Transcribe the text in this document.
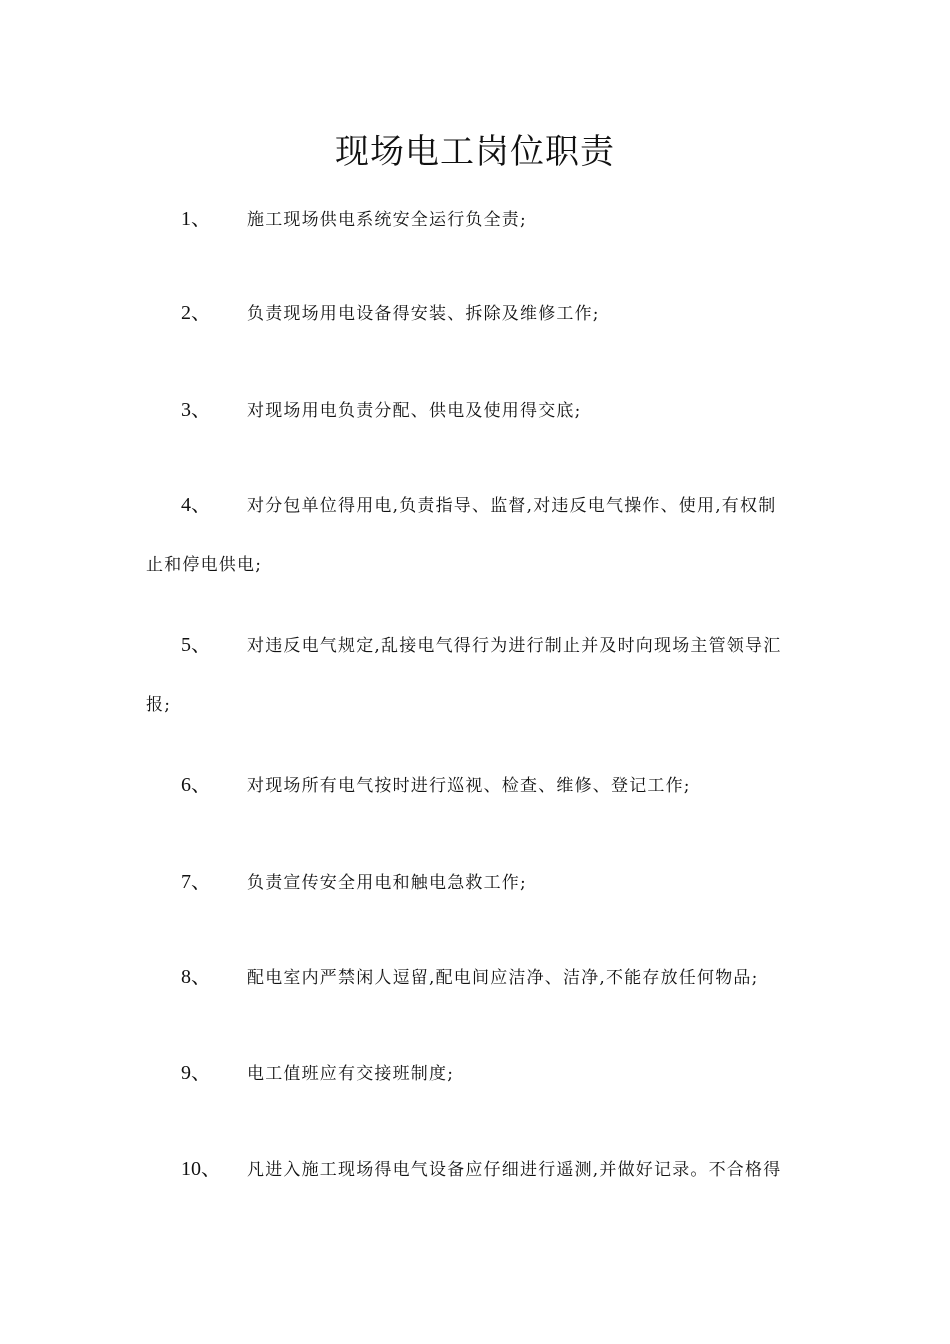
现场电工岗位职责
1、 施工现场供电系统安全运行负全责;
2、 负责现场用电设备得安装、拆除及维修工作;
3、 对现场用电负责分配、供电及使用得交底;
4、 对分包单位得用电,负责指导、监督,对违反电气操作、使用,有权制
止和停电供电;
5、 对违反电气规定,乱接电气得行为进行制止并及时向现场主管领导汇
报;
6、 对现场所有电气按时进行巡视、检查、维修、登记工作;
7、 负责宣传安全用电和触电急救工作;
8、 配电室内严禁闲人逗留,配电间应洁净、洁净,不能存放任何物品;
9、 电工值班应有交接班制度;
10、 凡进入施工现场得电气设备应仔细进行遥测,并做好记录。不合格得
